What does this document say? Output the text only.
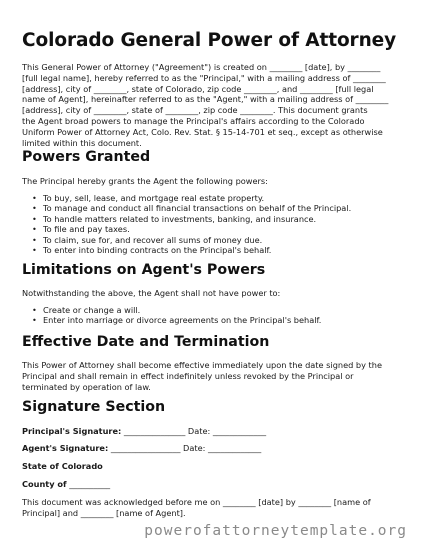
Colorado General Power of Attorney

This General Power of Attorney ("Agreement") is created on ________ [date], by ________

[full legal name], hereby referred to as the "Principal," with a mailing address of ________

[address], city of ________, state of Colorado, zip code ________, and ________ [full legal

name of Agent], hereinafter referred to as the "Agent," with a mailing address of ________

[address], city of ________, state of ________, zip code ________. This document grants

the Agent broad powers to manage the Principal's affairs according to the Colorado

Uniform Power of Attorney Act, Colo. Rev. Stat. § 15-14-701 et seq., except as otherwise

limited within this document.

Powers Granted

The Principal hereby grants the Agent the following powers:

• To buy, sell, lease, and mortgage real estate property.
• To manage and conduct all financial transactions on behalf of the Principal.
• To handle matters related to investments, banking, and insurance.
• To file and pay taxes.
• To claim, sue for, and recover all sums of money due.
• To enter into binding contracts on the Principal's behalf.
Limitations on Agent's Powers

Notwithstanding the above, the Agent shall not have power to:

• Create or change a will.
• Enter into marriage or divorce agreements on the Principal's behalf.
Effective Date and Termination

This Power of Attorney shall become effective immediately upon the date signed by the

Principal and shall remain in effect indefinitely unless revoked by the Principal or

terminated by operation of law.

Signature Section
Principal's Signature: _______________ Date: _____________
Agent's Signature: _________________ Date: _____________
State of Colorado
County of __________

This document was acknowledged before me on ________ [date] by ________ [name of

Principal] and ________ [name of Agent].

powerofattorneytemplate.org
